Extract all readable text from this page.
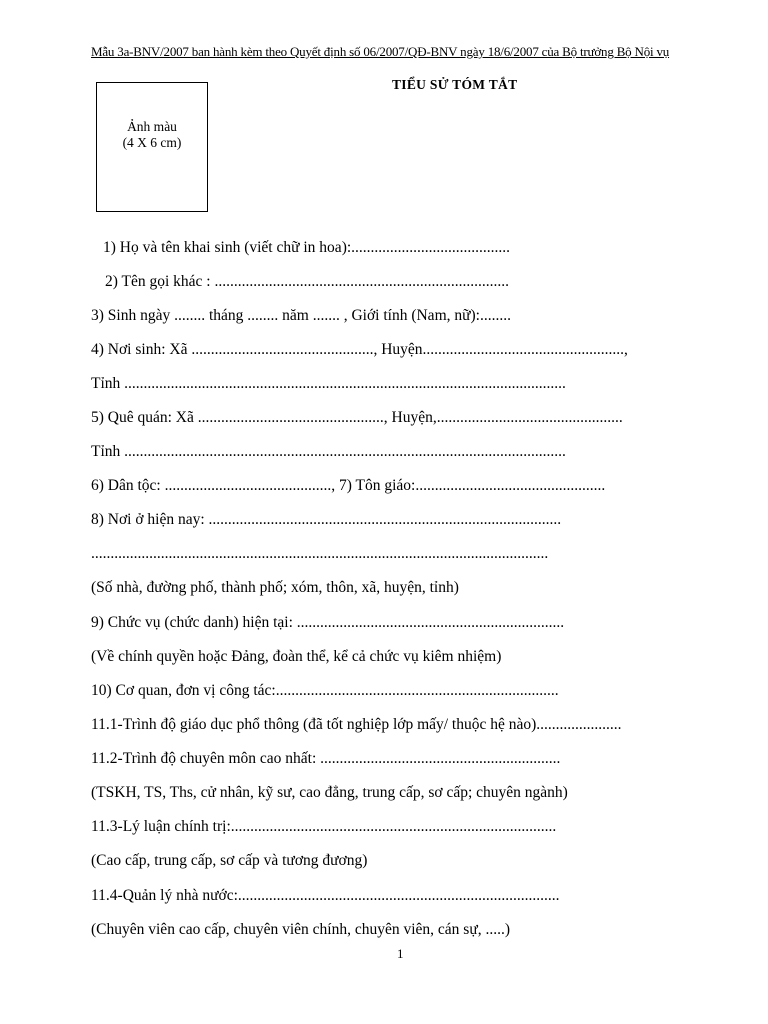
Mẫu 3a-BNV/2007 ban hành kèm theo Quyết định số 06/2007/QĐ-BNV ngày 18/6/2007 của Bộ trưởng Bộ Nội vụ
TIỂU SỬ TÓM TẮT
Ảnh màu
(4 X 6 cm)
1) Họ và tên khai sinh (viết chữ in hoa):.........................................
2) Tên gọi khác : ............................................................................
3) Sinh ngày ........ tháng ........ năm ....... , Giới tính (Nam, nữ):........
4) Nơi sinh: Xã ..............................................., Huyện....................................................,
Tỉnh ..................................................................................................................
5) Quê quán: Xã ................................................, Huyện,................................................
Tỉnh ..................................................................................................................
6) Dân tộc: ..........................................., 7) Tôn giáo:.................................................
8) Nơi ở hiện nay: ...........................................................................................
......................................................................................................................
(Số nhà, đường phố, thành phố; xóm, thôn, xã, huyện, tỉnh)
9) Chức vụ (chức danh) hiện tại: .....................................................................
(Về chính quyền hoặc Đảng, đoàn thể, kể cả chức vụ kiêm nhiệm)
10) Cơ quan, đơn vị công tác:.........................................................................
11.1-Trình độ giáo dục phổ thông (đã tốt nghiệp lớp mấy/ thuộc hệ nào)......................
11.2-Trình độ chuyên môn cao nhất: ..............................................................
(TSKH, TS, Ths, cử nhân, kỹ sư, cao đẳng, trung cấp, sơ cấp; chuyên ngành)
11.3-Lý luận chính trị:....................................................................................
(Cao cấp, trung cấp, sơ cấp và tương đương)
11.4-Quản lý nhà nước:...................................................................................
(Chuyên viên cao cấp, chuyên viên chính, chuyên viên, cán sự, .....)
1
